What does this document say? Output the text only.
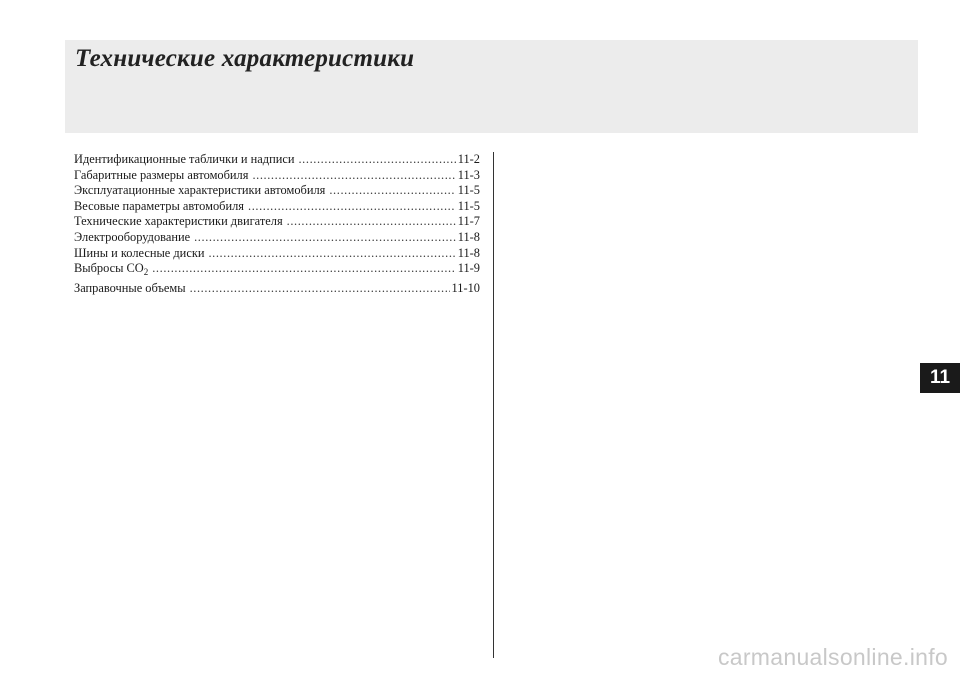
Технические характеристики
Идентификационные таблички и надписи .....	11-2
Габаритные размеры автомобиля .....	11-3
Эксплуатационные характеристики автомобиля .....	11-5
Весовые параметры автомобиля .....	11-5
Технические характеристики двигателя .....	11-7
Электрооборудование .....	11-8
Шины и колесные диски .....	11-8
Выбросы $CO_2$ .....	11-9
Заправочные объемы .....	11-10
11
carmanualsonline.info
